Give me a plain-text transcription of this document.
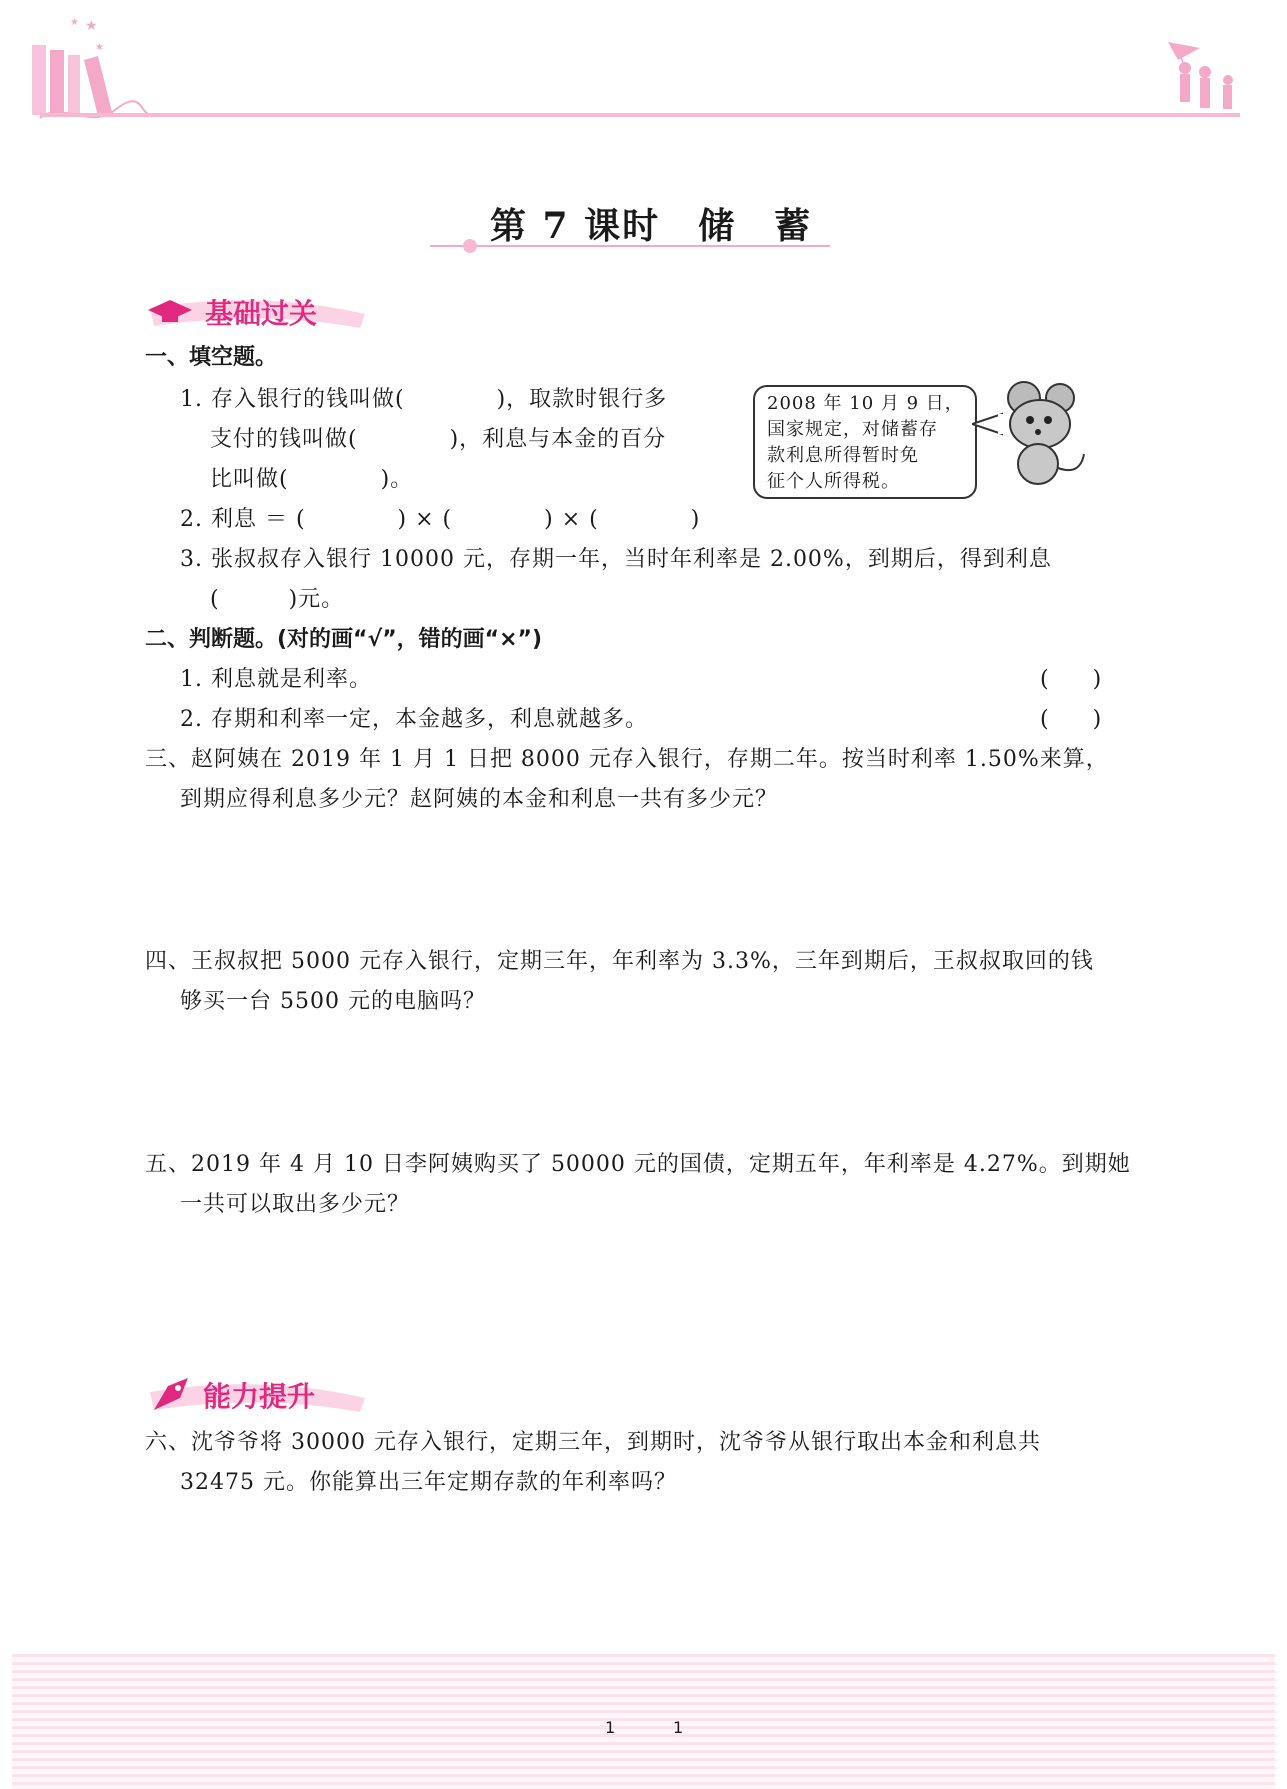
★
★
★
第 7 课时　储　蓄
基础过关
一、填空题。
1. 存入银行的钱叫做(　　　　)，取款时银行多
支付的钱叫做(　　　　)，利息与本金的百分
比叫做(　　　　)。
2. 利息 ＝ (　　　　) × (　　　　) × (　　　　)
3. 张叔叔存入银行 10000 元，存期一年，当时年利率是 2.00%，到期后，得到利息
(　　　)元。
2008 年 10 月 9 日，
国家规定，对储蓄存
款利息所得暂时免
征个人所得税。
二、判断题。(对的画“√”，错的画“×”)
1. 利息就是利率。	(　　)
2. 存期和利率一定，本金越多，利息就越多。	(　　)
三、赵阿姨在 2019 年 1 月 1 日把 8000 元存入银行，存期二年。按当时利率 1.50%来算，
到期应得利息多少元？赵阿姨的本金和利息一共有多少元？
四、王叔叔把 5000 元存入银行，定期三年，年利率为 3.3%，三年到期后，王叔叔取回的钱
够买一台 5500 元的电脑吗？
五、2019 年 4 月 10 日李阿姨购买了 50000 元的国债，定期五年，年利率是 4.27%。到期她
一共可以取出多少元？
能力提升
六、沈爷爷将 30000 元存入银行，定期三年，到期时，沈爷爷从银行取出本金和利息共
32475 元。你能算出三年定期存款的年利率吗？
1	1
